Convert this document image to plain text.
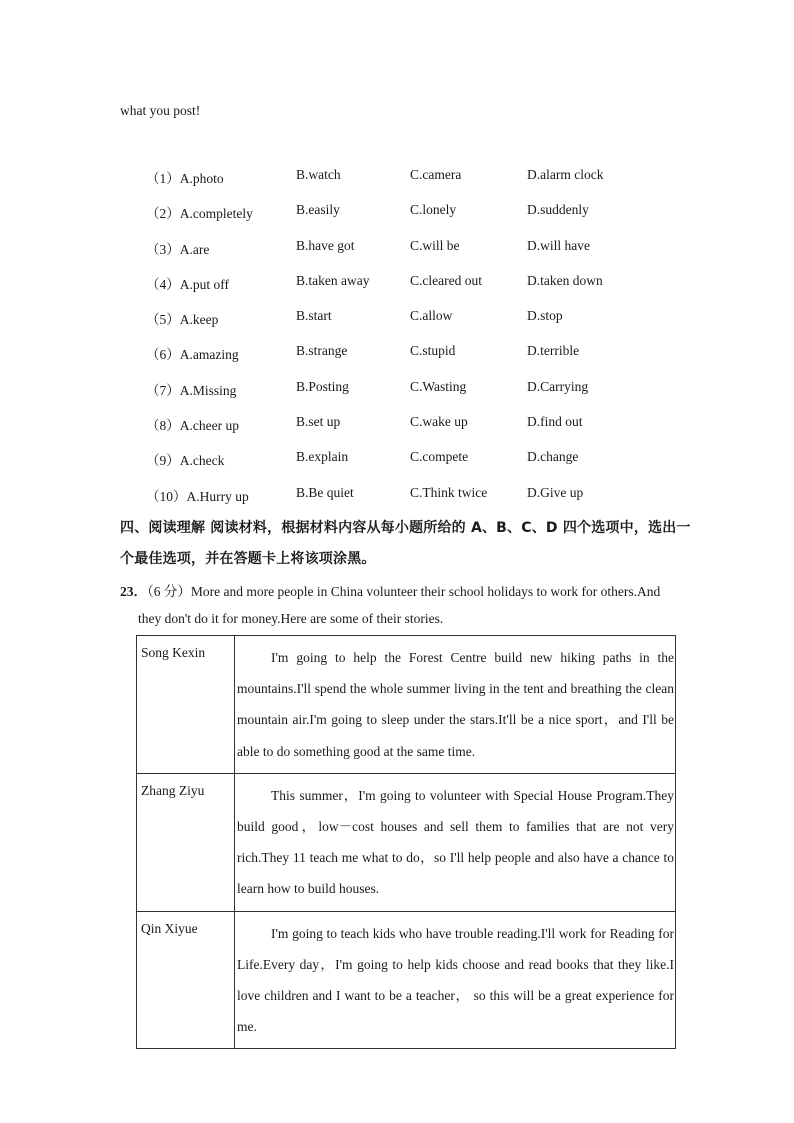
what you post!
（1）A.photo	B.watch	C.camera	D.alarm clock
（2）A.completely	B.easily	C.lonely	D.suddenly
（3）A.are	B.have got	C.will be	D.will have
（4）A.put off	B.taken away	C.cleared out	D.taken down
（5）A.keep	B.start	C.allow	D.stop
（6）A.amazing	B.strange	C.stupid	D.terrible
（7）A.Missing	B.Posting	C.Wasting	D.Carrying
（8）A.cheer up	B.set up	C.wake up	D.find out
（9）A.check	B.explain	C.compete	D.change
（10）A.Hurry up	B.Be quiet	C.Think twice	D.Give up
四、阅读理解 阅读材料，根据材料内容从每小题所给的 A、B、C、D 四个选项中，选出一
个最佳选项，并在答题卡上将该项涂黑。
23．（6 分）More and more people in China volunteer their school holidays to work for others.And
they don't do it for money.Here are some of their stories.
Song Kexin	I'm going to help the Forest Centre build new hiking paths in the mountains.I'll spend the whole summer living in the tent and breathing the clean mountain air.I'm going to sleep under the stars.It'll be a nice sport，and I'll be able to do something good at the same time.
Zhang Ziyu	This summer，I'm going to volunteer with Special House Program.They build good，low－cost houses and sell them to families that are not very rich.They 11 teach me what to do，so I'll help people and also have a chance to learn how to build houses.
Qin Xiyue	I'm going to teach kids who have trouble reading.I'll work for Reading for Life.Every day，I'm going to help kids choose and read books that they like.I love children and I want to be a teacher， so this will be a great experience for me.
